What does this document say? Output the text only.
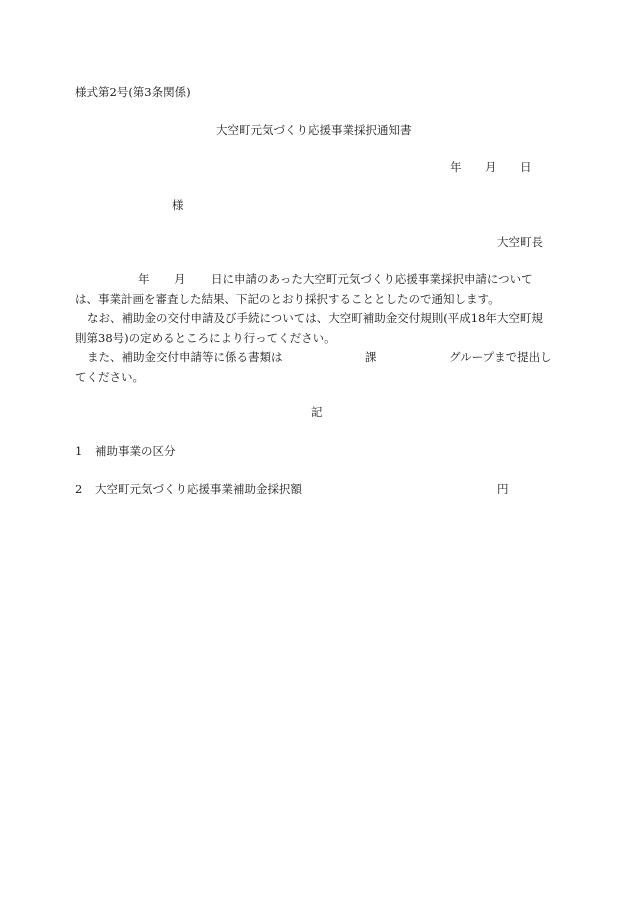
様式第2号(第3条関係)
大空町元気づくり応援事業採択通知書
年 月 日
様
大空町長
年 月 日に申請のあった大空町元気づくり応援事業採択申請について
は、事業計画を審査した結果、下記のとおり採択することとしたので通知します。
なお、補助金の交付申請及び手続については、大空町補助金交付規則(平成18年大空町規
則第38号)の定めるところにより行ってください。
また、補助金交付申請等に係る書類は	課	グループまで提出し
てください。
記
1 補助事業の区分
2 大空町元気づくり応援事業補助金採択額	円
